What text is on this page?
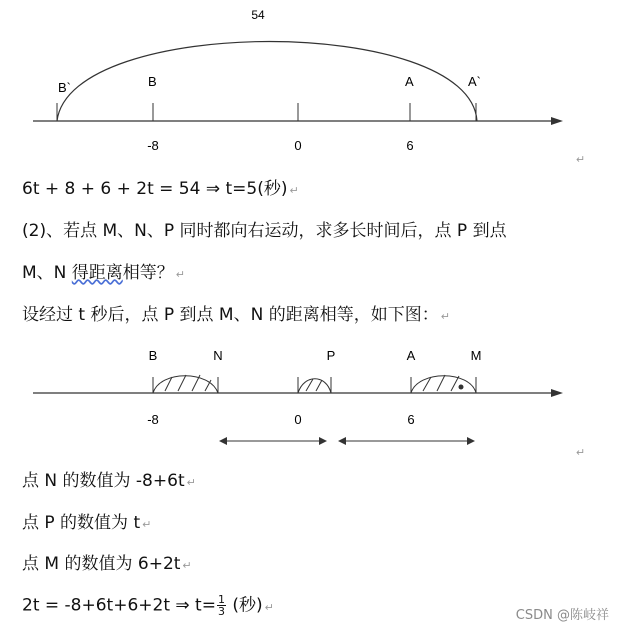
54
B`	B	A	A`
-8	0	6
↵
6t + 8 + 6 + 2t = 54 ⇒ t=5(秒) ↵
(2)、若点 M、N、P 同时都向右运动，求多长时间后，点 P 到点
M、N 得距离相等？ ↵
设经过 t 秒后，点 P 到点 M、N 的距离相等，如下图： ↵
B	N	P	A	M
-8	0	6
↵
点 N 的数值为 -8+6t ↵
点 P 的数值为 t ↵
点 M 的数值为 6+2t ↵
2t = -8+6t+6+2t ⇒ $t= \frac{1}{3}$ (秒) ↵
CSDN @陈岐祥
